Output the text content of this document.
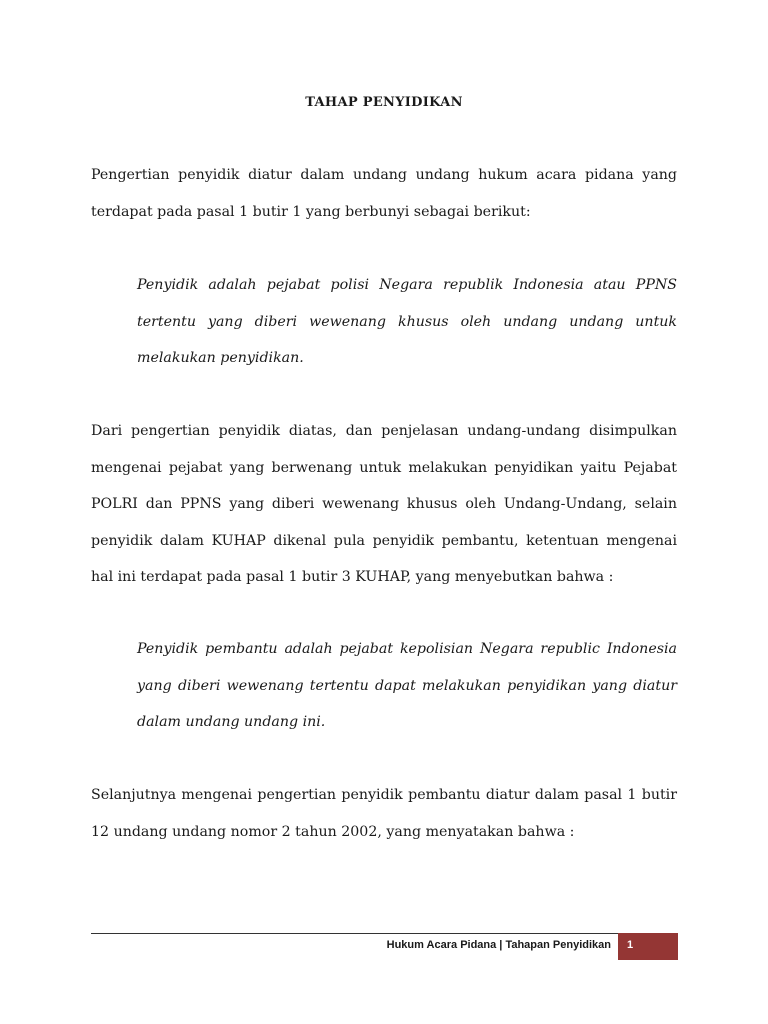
TAHAP PENYIDIKAN
Pengertian penyidik diatur dalam undang undang hukum acara pidana yang terdapat pada pasal 1 butir 1 yang berbunyi sebagai berikut:
Penyidik adalah pejabat polisi Negara republik Indonesia atau PPNS tertentu yang diberi wewenang khusus oleh undang undang untuk melakukan penyidikan.
Dari pengertian penyidik diatas, dan penjelasan undang-undang disimpulkan mengenai pejabat yang berwenang untuk melakukan penyidikan yaitu Pejabat POLRI dan PPNS yang diberi wewenang khusus oleh Undang-Undang, selain penyidik dalam KUHAP dikenal pula penyidik pembantu, ketentuan mengenai hal ini terdapat pada pasal 1 butir 3 KUHAP, yang menyebutkan bahwa :
Penyidik pembantu adalah pejabat kepolisian Negara republic Indonesia yang diberi wewenang tertentu dapat melakukan penyidikan yang diatur dalam undang undang ini.
Selanjutnya mengenai pengertian penyidik pembantu diatur dalam pasal 1 butir 12 undang undang nomor 2 tahun 2002, yang menyatakan bahwa :
Hukum Acara Pidana | Tahapan Penyidikan 1
